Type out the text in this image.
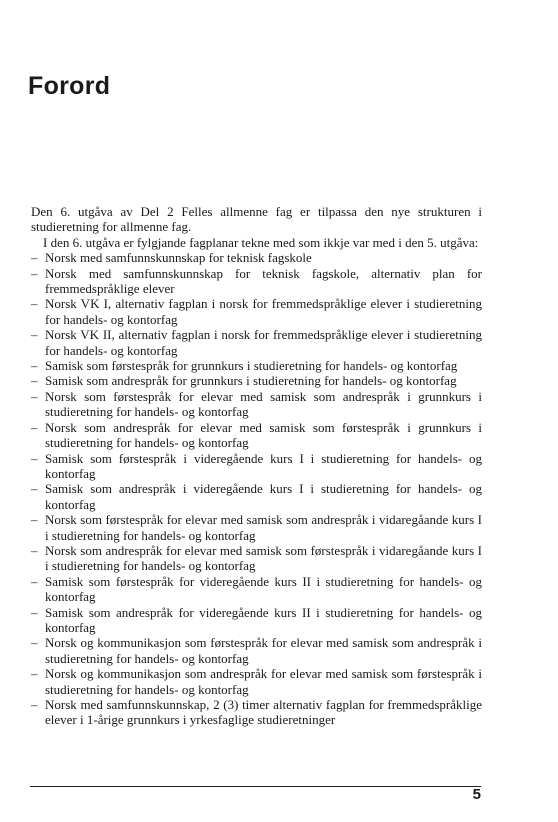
Forord

Den 6. utgåva av Del 2 Felles allmenne fag er tilpassa den nye strukturen i studieretning for allmenne fag.

I den 6. utgåva er fylgjande fagplanar tekne med som ikkje var med i den 5. utgåva:

– Norsk med samfunnskunnskap for teknisk fagskole
– Norsk med samfunnskunnskap for teknisk fagskole, alternativ plan for fremmedspråklige elever
– Norsk VK I, alternativ fagplan i norsk for fremmedspråklige elever i studieretning for handels- og kontorfag
– Norsk VK II, alternativ fagplan i norsk for fremmedspråklige elever i studieretning for handels- og kontorfag
– Samisk som førstespråk for grunnkurs i studieretning for handels- og kontorfag
– Samisk som andrespråk for grunnkurs i studieretning for handels- og kontorfag
– Norsk som førstespråk for elevar med samisk som andrespråk i grunnkurs i studieretning for handels- og kontorfag
– Norsk som andrespråk for elevar med samisk som førstespråk i grunnkurs i studieretning for handels- og kontorfag
– Samisk som førstespråk i videregående kurs I i studieretning for handels- og kontorfag
– Samisk som andrespråk i videregående kurs I i studieretning for handels- og kontorfag
– Norsk som førstespråk for elevar med samisk som andrespråk i vidaregåande kurs I i studieretning for handels- og kontorfag
– Norsk som andrespråk for elevar med samisk som førstespråk i vidaregåande kurs I i studieretning for handels- og kontorfag
– Samisk som førstespråk for videregående kurs II i studieretning for handels- og kontorfag
– Samisk som andrespråk for videregående kurs II i studieretning for handels- og kontorfag
– Norsk og kommunikasjon som førstespråk for elevar med samisk som andrespråk i studieretning for handels- og kontorfag
– Norsk og kommunikasjon som andrespråk for elevar med samisk som førstespråk i studieretning for handels- og kontorfag
– Norsk med samfunnskunnskap, 2 (3) timer alternativ fagplan for fremmedspråklige elever i 1-årige grunnkurs i yrkesfaglige studieretninger
5
